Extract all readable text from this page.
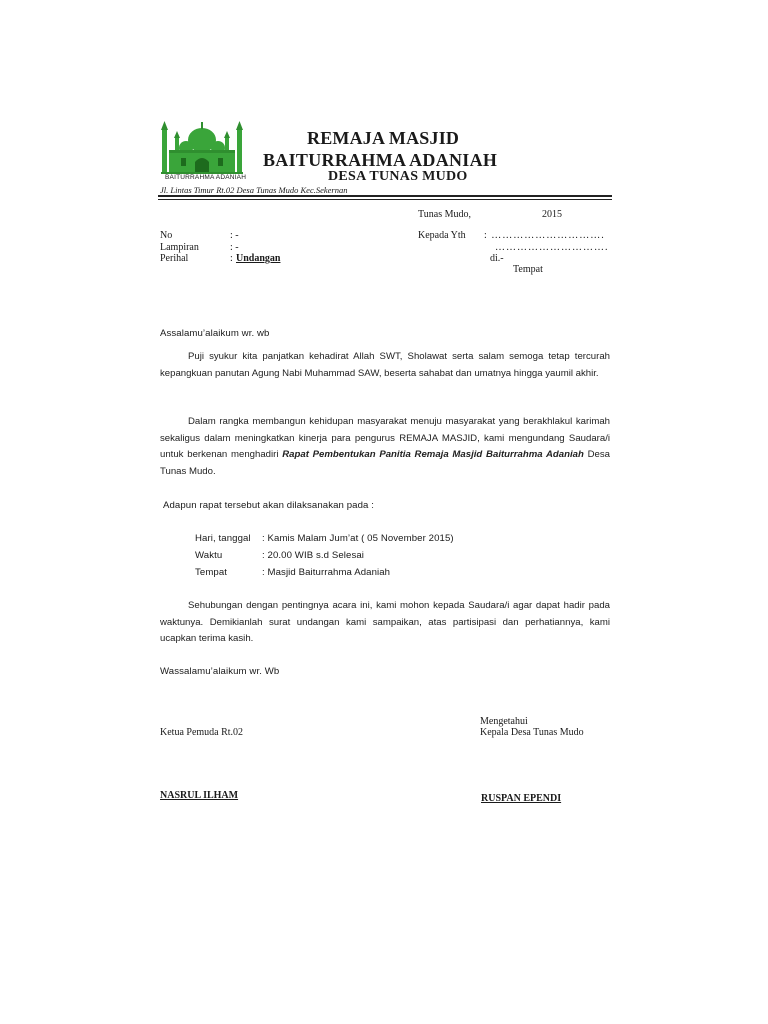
BAITURRAHMA ADANIAH
REMAJA MASJID
BAITURRAHMA ADANIAH
DESA TUNAS MUDO
Jl. Lintas Timur Rt.02 Desa Tunas Mudo Kec.Sekernan
Tunas Mudo,	2015
No	: -
Lampiran	: -
Perihal	: Undangan
Kepada Yth : ………………………….
………………………….
di.-
Tempat
Assalamu’alaikum wr. wb
Puji syukur kita panjatkan kehadirat Allah SWT, Sholawat serta salam semoga tetap tercurah kepangkuan panutan Agung Nabi Muhammad SAW, beserta sahabat dan umatnya hingga yaumil akhir.
Dalam rangka membangun kehidupan masyarakat menuju masyarakat yang berakhlakul karimah sekaligus dalam meningkatkan kinerja para pengurus REMAJA MASJID, kami mengundang Saudara/i untuk berkenan menghadiri Rapat Pembentukan Panitia Remaja Masjid Baiturrahma Adaniah Desa Tunas Mudo.
Adapun rapat tersebut akan dilaksanakan pada :
Hari, tanggal : Kamis Malam Jum’at ( 05 November 2015)
Waktu	: 20.00 WIB s.d Selesai
Tempat	: Masjid Baiturrahma Adaniah
Sehubungan dengan pentingnya acara ini, kami mohon kepada Saudara/i agar dapat hadir pada waktunya. Demikianlah surat undangan kami sampaikan, atas partisipasi dan perhatiannya, kami ucapkan terima kasih.
Wassalamu’alaikum wr. Wb
Mengetahui
Ketua Pemuda Rt.02	Kepala Desa Tunas Mudo
NASRUL ILHAM	RUSPAN EPENDI
